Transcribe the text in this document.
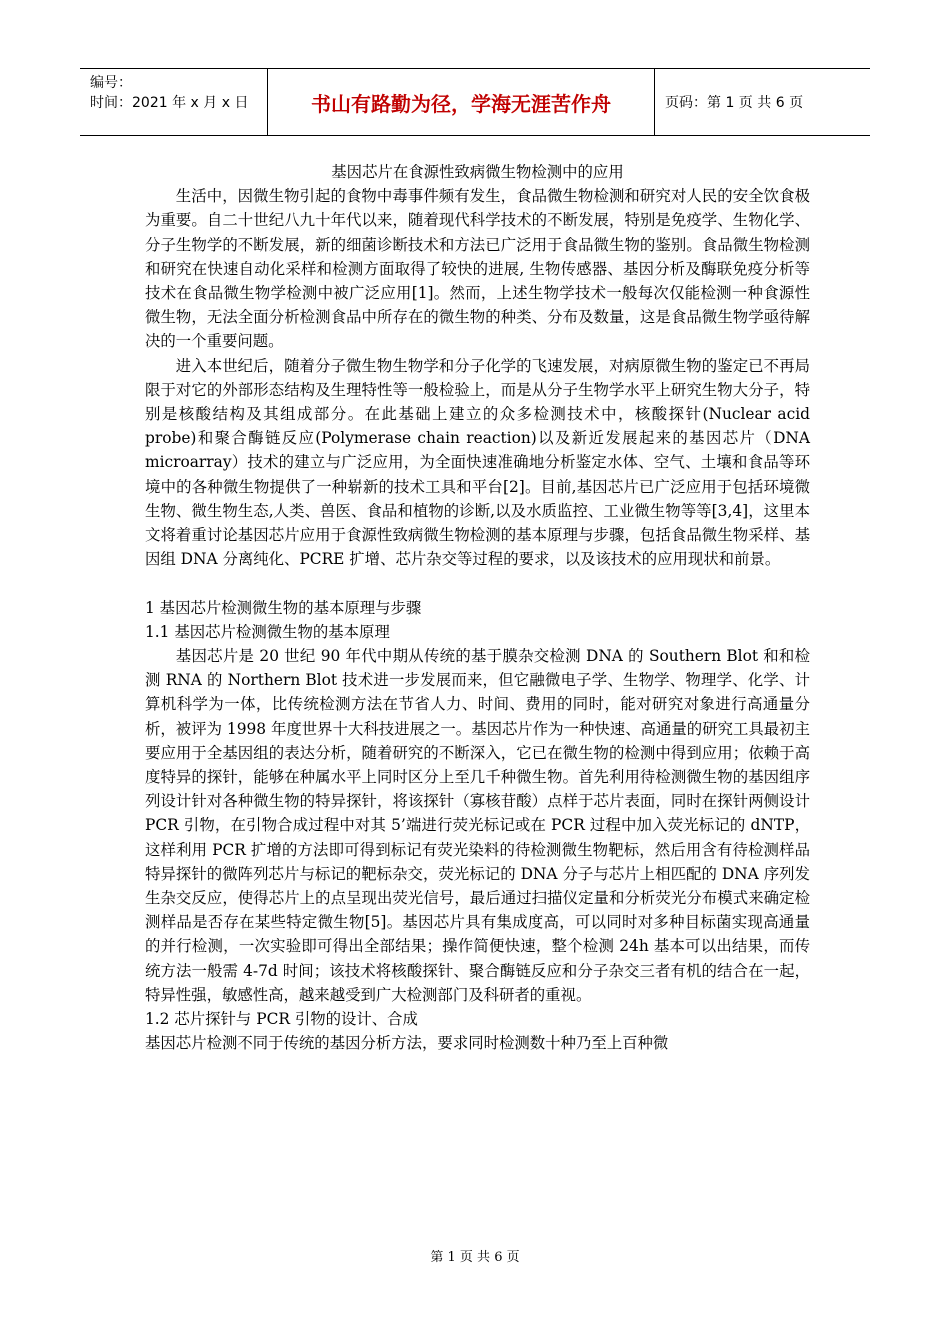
编号：
时间：2021 年 x 月 x 日	书山有路勤为径，学海无涯苦作舟	页码：第 1 页 共 6 页

基因芯片在食源性致病微生物检测中的应用

生活中，因微生物引起的食物中毒事件频有发生，食品微生物检测和研究对人民的安全饮食极为重要。自二十世纪八九十年代以来，随着现代科学技术的不断发展，特别是免疫学、生物化学、分子生物学的不断发展，新的细菌诊断技术和方法已广泛用于食品微生物的鉴别。食品微生物检测和研究在快速自动化采样和检测方面取得了较快的进展, 生物传感器、基因分析及酶联免疫分析等技术在食品微生物学检测中被广泛应用[1]。然而，上述生物学技术一般每次仅能检测一种食源性微生物，无法全面分析检测食品中所存在的微生物的种类、分布及数量，这是食品微生物学亟待解决的一个重要问题。

进入本世纪后，随着分子微生物生物学和分子化学的飞速发展，对病原微生物的鉴定已不再局限于对它的外部形态结构及生理特性等一般检验上，而是从分子生物学水平上研究生物大分子，特别是核酸结构及其组成部分。在此基础上建立的众多检测技术中，核酸探针(Nuclear acid probe)和聚合酶链反应(Polymerase chain reaction)以及新近发展起来的基因芯片（DNA microarray）技术的建立与广泛应用，为全面快速准确地分析鉴定水体、空气、土壤和食品等环境中的各种微生物提供了一种崭新的技术工具和平台[2]。目前,基因芯片已广泛应用于包括环境微生物、微生物生态,人类、兽医、食品和植物的诊断,以及水质监控、工业微生物等等[3,4]，这里本文将着重讨论基因芯片应用于食源性致病微生物检测的基本原理与步骤，包括食品微生物采样、基因组 DNA 分离纯化、PCRE 扩增、芯片杂交等过程的要求，以及该技术的应用现状和前景。

1 基因芯片检测微生物的基本原理与步骤

1.1 基因芯片检测微生物的基本原理

基因芯片是 20 世纪 90 年代中期从传统的基于膜杂交检测 DNA 的 Southern Blot 和和检测 RNA 的 Northern Blot 技术进一步发展而来，但它融微电子学、生物学、物理学、化学、计算机科学为一体，比传统检测方法在节省人力、时间、费用的同时，能对研究对象进行高通量分析，被评为 1998 年度世界十大科技进展之一。基因芯片作为一种快速、高通量的研究工具最初主要应用于全基因组的表达分析，随着研究的不断深入，它已在微生物的检测中得到应用；依赖于高度特异的探针，能够在种属水平上同时区分上至几千种微生物。首先利用待检测微生物的基因组序列设计针对各种微生物的特异探针，将该探针（寡核苷酸）点样于芯片表面，同时在探针两侧设计 PCR 引物，在引物合成过程中对其 5’端进行荧光标记或在 PCR 过程中加入荧光标记的 dNTP，这样利用 PCR 扩增的方法即可得到标记有荧光染料的待检测微生物靶标，然后用含有待检测样品特异探针的微阵列芯片与标记的靶标杂交，荧光标记的 DNA 分子与芯片上相匹配的 DNA 序列发生杂交反应，使得芯片上的点呈现出荧光信号，最后通过扫描仪定量和分析荧光分布模式来确定检测样品是否存在某些特定微生物[5]。基因芯片具有集成度高，可以同时对多种目标菌实现高通量的并行检测，一次实验即可得出全部结果；操作简便快速，整个检测 24h 基本可以出结果，而传统方法一般需 4-7d 时间；该技术将核酸探针、聚合酶链反应和分子杂交三者有机的结合在一起，特异性强，敏感性高，越来越受到广大检测部门及科研者的重视。

1.2 芯片探针与 PCR 引物的设计、合成

基因芯片检测不同于传统的基因分析方法，要求同时检测数十种乃至上百种微

第 1 页 共 6 页
